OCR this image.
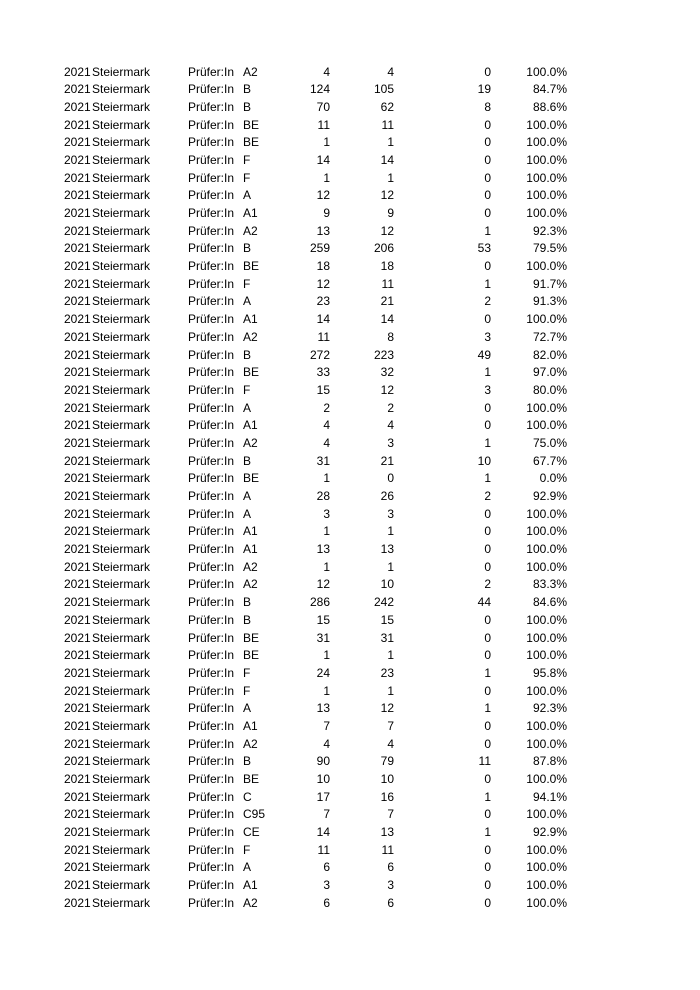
2021 Steiermark	Prüfer:In A2	4	4	0	100.0%
2021 Steiermark	Prüfer:In B	124	105	19	84.7%
2021 Steiermark	Prüfer:In B	70	62	8	88.6%
2021 Steiermark	Prüfer:In BE	11	11	0	100.0%
2021 Steiermark	Prüfer:In BE	1	1	0	100.0%
2021 Steiermark	Prüfer:In F	14	14	0	100.0%
2021 Steiermark	Prüfer:In F	1	1	0	100.0%
2021 Steiermark	Prüfer:In A	12	12	0	100.0%
2021 Steiermark	Prüfer:In A1	9	9	0	100.0%
2021 Steiermark	Prüfer:In A2	13	12	1	92.3%
2021 Steiermark	Prüfer:In B	259	206	53	79.5%
2021 Steiermark	Prüfer:In BE	18	18	0	100.0%
2021 Steiermark	Prüfer:In F	12	11	1	91.7%
2021 Steiermark	Prüfer:In A	23	21	2	91.3%
2021 Steiermark	Prüfer:In A1	14	14	0	100.0%
2021 Steiermark	Prüfer:In A2	11	8	3	72.7%
2021 Steiermark	Prüfer:In B	272	223	49	82.0%
2021 Steiermark	Prüfer:In BE	33	32	1	97.0%
2021 Steiermark	Prüfer:In F	15	12	3	80.0%
2021 Steiermark	Prüfer:In A	2	2	0	100.0%
2021 Steiermark	Prüfer:In A1	4	4	0	100.0%
2021 Steiermark	Prüfer:In A2	4	3	1	75.0%
2021 Steiermark	Prüfer:In B	31	21	10	67.7%
2021 Steiermark	Prüfer:In BE	1	0	1	0.0%
2021 Steiermark	Prüfer:In A	28	26	2	92.9%
2021 Steiermark	Prüfer:In A	3	3	0	100.0%
2021 Steiermark	Prüfer:In A1	1	1	0	100.0%
2021 Steiermark	Prüfer:In A1	13	13	0	100.0%
2021 Steiermark	Prüfer:In A2	1	1	0	100.0%
2021 Steiermark	Prüfer:In A2	12	10	2	83.3%
2021 Steiermark	Prüfer:In B	286	242	44	84.6%
2021 Steiermark	Prüfer:In B	15	15	0	100.0%
2021 Steiermark	Prüfer:In BE	31	31	0	100.0%
2021 Steiermark	Prüfer:In BE	1	1	0	100.0%
2021 Steiermark	Prüfer:In F	24	23	1	95.8%
2021 Steiermark	Prüfer:In F	1	1	0	100.0%
2021 Steiermark	Prüfer:In A	13	12	1	92.3%
2021 Steiermark	Prüfer:In A1	7	7	0	100.0%
2021 Steiermark	Prüfer:In A2	4	4	0	100.0%
2021 Steiermark	Prüfer:In B	90	79	11	87.8%
2021 Steiermark	Prüfer:In BE	10	10	0	100.0%
2021 Steiermark	Prüfer:In C	17	16	1	94.1%
2021 Steiermark	Prüfer:In C95	7	7	0	100.0%
2021 Steiermark	Prüfer:In CE	14	13	1	92.9%
2021 Steiermark	Prüfer:In F	11	11	0	100.0%
2021 Steiermark	Prüfer:In A	6	6	0	100.0%
2021 Steiermark	Prüfer:In A1	3	3	0	100.0%
2021 Steiermark	Prüfer:In A2	6	6	0	100.0%
